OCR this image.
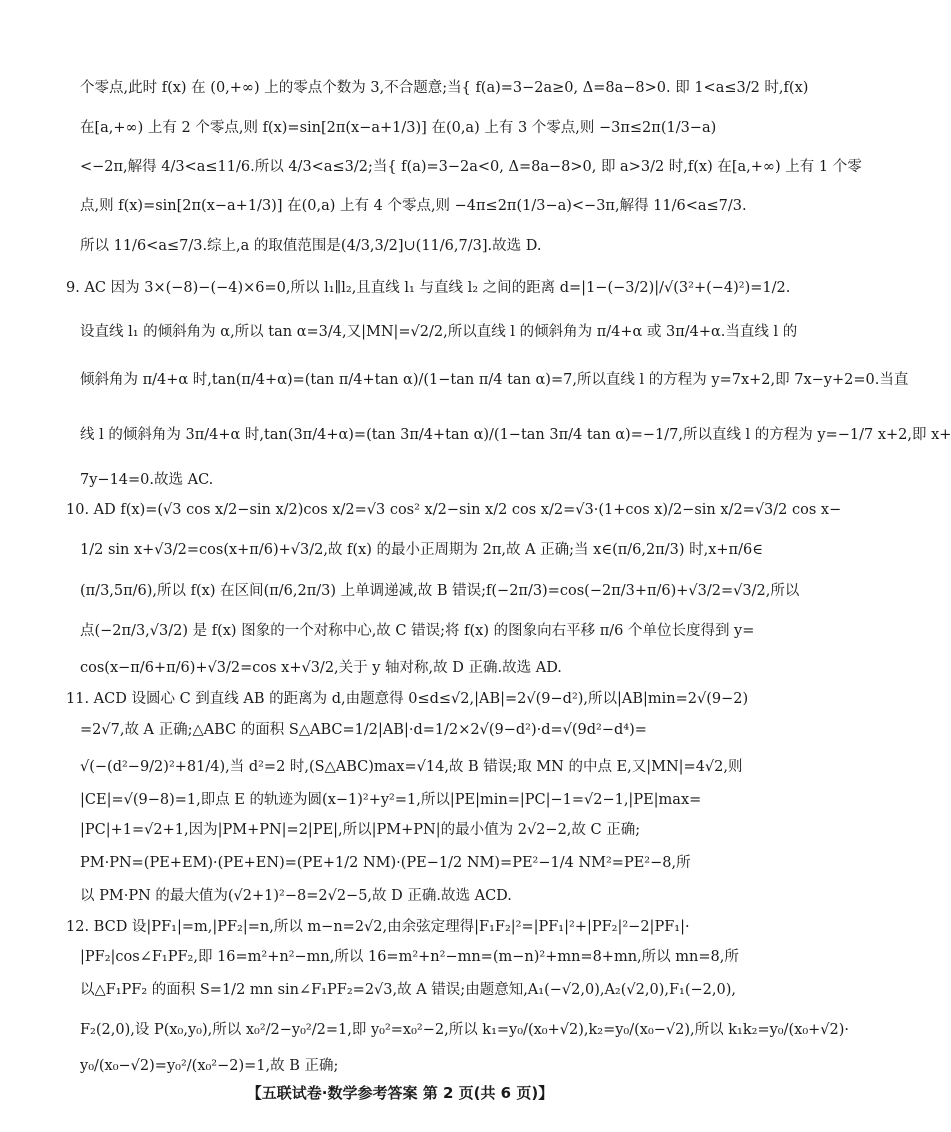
个零点,此时 f(x) 在 (0,+∞) 上的零点个数为 3,不合题意;当{ f(a)=3−2a≥0, Δ=8a−8>0. 即 1<a≤3/2 时,f(x)
在[a,+∞) 上有 2 个零点,则 f(x)=sin[2π(x−a+1/3)] 在(0,a) 上有 3 个零点,则 −3π≤2π(1/3−a)
<−2π,解得 4/3<a≤11/6.所以 4/3<a≤3/2;当{ f(a)=3−2a<0, Δ=8a−8>0, 即 a>3/2 时,f(x) 在[a,+∞) 上有 1 个零
点,则 f(x)=sin[2π(x−a+1/3)] 在(0,a) 上有 4 个零点,则 −4π≤2π(1/3−a)<−3π,解得 11/6<a≤7/3.
所以 11/6<a≤7/3.综上,a 的取值范围是(4/3,3/2]∪(11/6,7/3].故选 D.
9. AC 因为 3×(−8)−(−4)×6=0,所以 l₁∥l₂,且直线 l₁ 与直线 l₂ 之间的距离 d=|1−(−3/2)|/√(3²+(−4)²)=1/2.
设直线 l₁ 的倾斜角为 α,所以 tan α=3/4,又|MN|=√2/2,所以直线 l 的倾斜角为 π/4+α 或 3π/4+α.当直线 l 的
倾斜角为 π/4+α 时,tan(π/4+α)=(tan π/4+tan α)/(1−tan π/4 tan α)=7,所以直线 l 的方程为 y=7x+2,即 7x−y+2=0.当直
线 l 的倾斜角为 3π/4+α 时,tan(3π/4+α)=(tan 3π/4+tan α)/(1−tan 3π/4 tan α)=−1/7,所以直线 l 的方程为 y=−1/7 x+2,即 x+
7y−14=0.故选 AC.
10. AD f(x)=(√3 cos x/2−sin x/2)cos x/2=√3 cos² x/2−sin x/2 cos x/2=√3·(1+cos x)/2−sin x/2=√3/2 cos x−
1/2 sin x+√3/2=cos(x+π/6)+√3/2,故 f(x) 的最小正周期为 2π,故 A 正确;当 x∈(π/6,2π/3) 时,x+π/6∈
(π/3,5π/6),所以 f(x) 在区间(π/6,2π/3) 上单调递减,故 B 错误;f(−2π/3)=cos(−2π/3+π/6)+√3/2=√3/2,所以
点(−2π/3,√3/2) 是 f(x) 图象的一个对称中心,故 C 错误;将 f(x) 的图象向右平移 π/6 个单位长度得到 y=
cos(x−π/6+π/6)+√3/2=cos x+√3/2,关于 y 轴对称,故 D 正确.故选 AD.
11. ACD 设圆心 C 到直线 AB 的距离为 d,由题意得 0≤d≤√2,|AB|=2√(9−d²),所以|AB|min=2√(9−2)
=2√7,故 A 正确;△ABC 的面积 S△ABC=1/2|AB|·d=1/2×2√(9−d²)·d=√(9d²−d⁴)=
√(−(d²−9/2)²+81/4),当 d²=2 时,(S△ABC)max=√14,故 B 错误;取 MN 的中点 E,又|MN|=4√2,则
|CE|=√(9−8)=1,即点 E 的轨迹为圆(x−1)²+y²=1,所以|PE|min=|PC|−1=√2−1,|PE|max=
|PC|+1=√2+1,因为|PM+PN|=2|PE|,所以|PM+PN|的最小值为 2√2−2,故 C 正确;
PM·PN=(PE+EM)·(PE+EN)=(PE+1/2 NM)·(PE−1/2 NM)=PE²−1/4 NM²=PE²−8,所
以 PM·PN 的最大值为(√2+1)²−8=2√2−5,故 D 正确.故选 ACD.
12. BCD 设|PF₁|=m,|PF₂|=n,所以 m−n=2√2,由余弦定理得|F₁F₂|²=|PF₁|²+|PF₂|²−2|PF₁|·
|PF₂|cos∠F₁PF₂,即 16=m²+n²−mn,所以 16=m²+n²−mn=(m−n)²+mn=8+mn,所以 mn=8,所
以△F₁PF₂ 的面积 S=1/2 mn sin∠F₁PF₂=2√3,故 A 错误;由题意知,A₁(−√2,0),A₂(√2,0),F₁(−2,0),
F₂(2,0),设 P(x₀,y₀),所以 x₀²/2−y₀²/2=1,即 y₀²=x₀²−2,所以 k₁=y₀/(x₀+√2),k₂=y₀/(x₀−√2),所以 k₁k₂=y₀/(x₀+√2)·
y₀/(x₀−√2)=y₀²/(x₀²−2)=1,故 B 正确;
【五联试卷·数学参考答案 第 2 页(共 6 页)】
